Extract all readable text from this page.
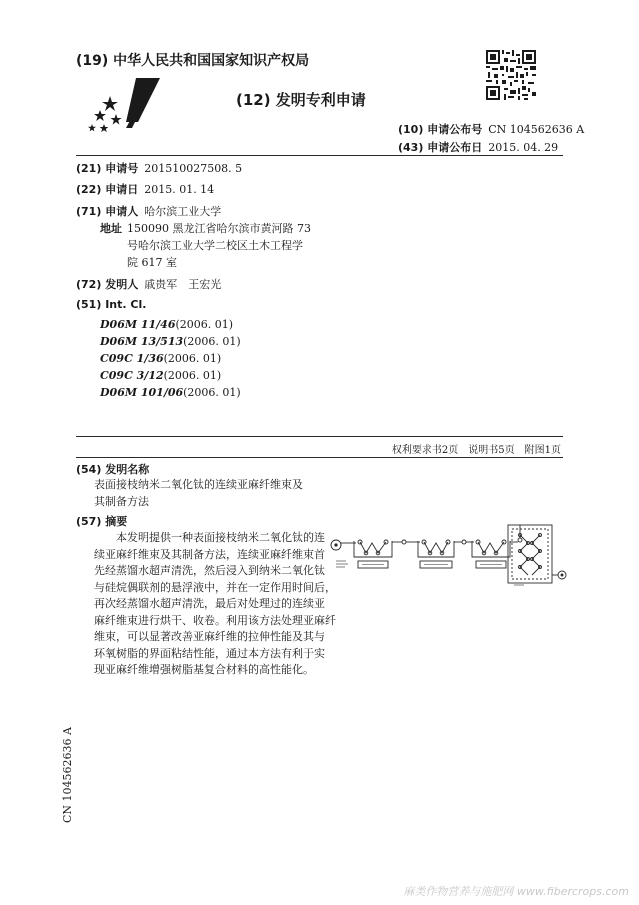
(19) 中华人民共和国国家知识产权局
(12) 发明专利申请
(10) 申请公布号 CN 104562636 A
(43) 申请公布日 2015. 04. 29
(21) 申请号 201510027508. 5
(22) 申请日 2015. 01. 14
(71) 申请人 哈尔滨工业大学
地址 150090 黑龙江省哈尔滨市黄河路 73
号哈尔滨工业大学二校区土木工程学
院 617 室
(72) 发明人 戚贵军　王宏光
(51) Int. Cl.
D06M 11/46(2006. 01)
D06M 13/513(2006. 01)
C09C 1/36(2006. 01)
C09C 3/12(2006. 01)
D06M 101/06(2006. 01)
权利要求书2页　说明书5页　附图1页
(54) 发明名称
表面接枝纳米二氧化钛的连续亚麻纤维束及
其制备方法
(57) 摘要
本发明提供一种表面接枝纳米二氧化钛的连
续亚麻纤维束及其制备方法，连续亚麻纤维束首
先经蒸馏水超声清洗，然后浸入到纳米二氧化钛
与硅烷偶联剂的悬浮液中，并在一定作用时间后，
再次经蒸馏水超声清洗，最后对处理过的连续亚
麻纤维束进行烘干、收卷。利用该方法处理亚麻纤
维束，可以显著改善亚麻纤维的拉伸性能及其与
环氧树脂的界面粘结性能，通过本方法有利于实
现亚麻纤维增强树脂基复合材料的高性能化。
CN 104562636 A
麻类作物营养与施肥网 www.fibercrops.com
